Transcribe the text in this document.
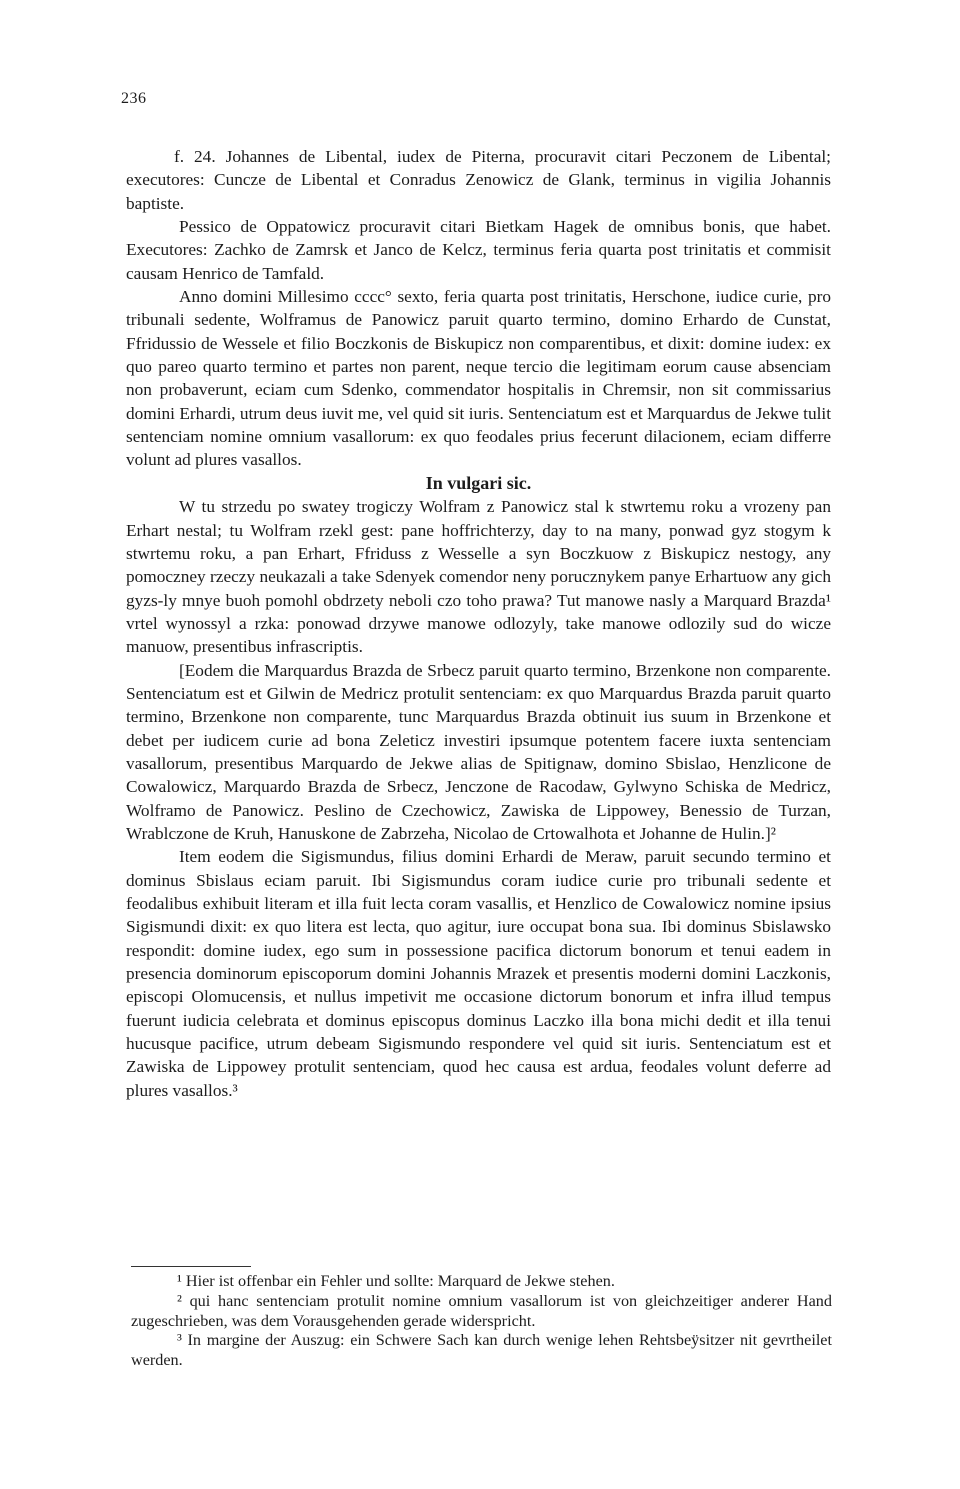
236

f. 24. Johannes de Libental, iudex de Piterna, procuravit citari Peczonem de Libental; executores: Cuncze de Libental et Conradus Zenowicz de Glank, terminus in vigilia Johannis baptiste.

Pessico de Oppatowicz procuravit citari Bietkam Hagek de omnibus bonis, que habet. Executores: Zachko de Zamrsk et Janco de Kelcz, terminus feria quarta post trinitatis et commisit causam Henrico de Tamfald.

Anno domini Millesimo cccc° sexto, feria quarta post trinitatis, Herschone, iudice curie, pro tribunali sedente, Wolframus de Panowicz paruit quarto termino, domino Erhardo de Cunstat, Ffridussio de Wessele et filio Boczkonis de Biskupicz non comparentibus, et dixit: domine iudex: ex quo pareo quarto termino et partes non parent, neque tercio die legitimam eorum cause absenciam non probaverunt, eciam cum Sdenko, commendator hospitalis in Chremsir, non sit commissarius domini Erhardi, utrum deus iuvit me, vel quid sit iuris. Sentenciatum est et Marquardus de Jekwe tulit sentenciam nomine omnium vasallorum: ex quo feodales prius fecerunt dilacionem, eciam differre volunt ad plures vasallos.

In vulgari sic.

W tu strzedu po swatey trogiczy Wolfram z Panowicz stal k stwrtemu roku a vrozeny pan Erhart nestal; tu Wolfram rzekl gest: pane hoffrichterzy, day to na many, ponwad gyz stogym k stwrtemu roku, a pan Erhart, Ffriduss z Wesselle a syn Boczkuow z Biskupicz nestogy, any pomoczney rzeczy neukazali a take Sdenyek comendor neny porucznykem panye Erhartuow any gich gyzs-ly mnye buoh pomohl obdrzety neboli czo toho prawa? Tut manowe nasly a Marquard Brazda¹ vrtel wynossyl a rzka: ponowad drzywe manowe odlozyly, take manowe odlozily sud do wicze manuow, presentibus infrascriptis.

[Eodem die Marquardus Brazda de Srbecz paruit quarto termino, Brzenkone non comparente. Sentenciatum est et Gilwin de Medricz protulit sentenciam: ex quo Marquardus Brazda paruit quarto termino, Brzenkone non comparente, tunc Marquardus Brazda obtinuit ius suum in Brzenkone et debet per iudicem curie ad bona Zeleticz investiri ipsumque potentem facere iuxta sentenciam vasallorum, presentibus Marquardo de Jekwe alias de Spitignaw, domino Sbislao, Henzlicone de Cowalowicz, Marquardo Brazda de Srbecz, Jenczone de Racodaw, Gylwyno Schiska de Medricz, Wolframo de Panowicz. Peslino de Czechowicz, Zawiska de Lippowey, Benessio de Turzan, Wrablczone de Kruh, Hanuskone de Zabrzeha, Nicolao de Crtowalhota et Johanne de Hulin.]²

Item eodem die Sigismundus, filius domini Erhardi de Meraw, paruit secundo termino et dominus Sbislaus eciam paruit. Ibi Sigismundus coram iudice curie pro tribunali sedente et feodalibus exhibuit literam et illa fuit lecta coram vasallis, et Henzlico de Cowalowicz nomine ipsius Sigismundi dixit: ex quo litera est lecta, quo agitur, iure occupat bona sua. Ibi dominus Sbislawsko respondit: domine iudex, ego sum in possessione pacifica dictorum bonorum et tenui eadem in presencia dominorum episcoporum domini Johannis Mrazek et presentis moderni domini Laczkonis, episcopi Olomucensis, et nullus impetivit me occasione dictorum bonorum et infra illud tempus fuerunt iudicia celebrata et dominus episcopus dominus Laczko illa bona michi dedit et illa tenui hucusque pacifice, utrum debeam Sigismundo respondere vel quid sit iuris. Sentenciatum est et Zawiska de Lippowey protulit sentenciam, quod hec causa est ardua, feodales volunt deferre ad plures vasallos.³

¹ Hier ist offenbar ein Fehler und sollte: Marquard de Jekwe stehen.

² qui hanc sentenciam protulit nomine omnium vasallorum ist von gleichzeitiger anderer Hand zugeschrieben, was dem Vorausgehenden gerade widerspricht.

³ In margine der Auszug: ein Schwere Sach kan durch wenige lehen Rehtsbeÿsitzer nit gevrtheilet werden.
